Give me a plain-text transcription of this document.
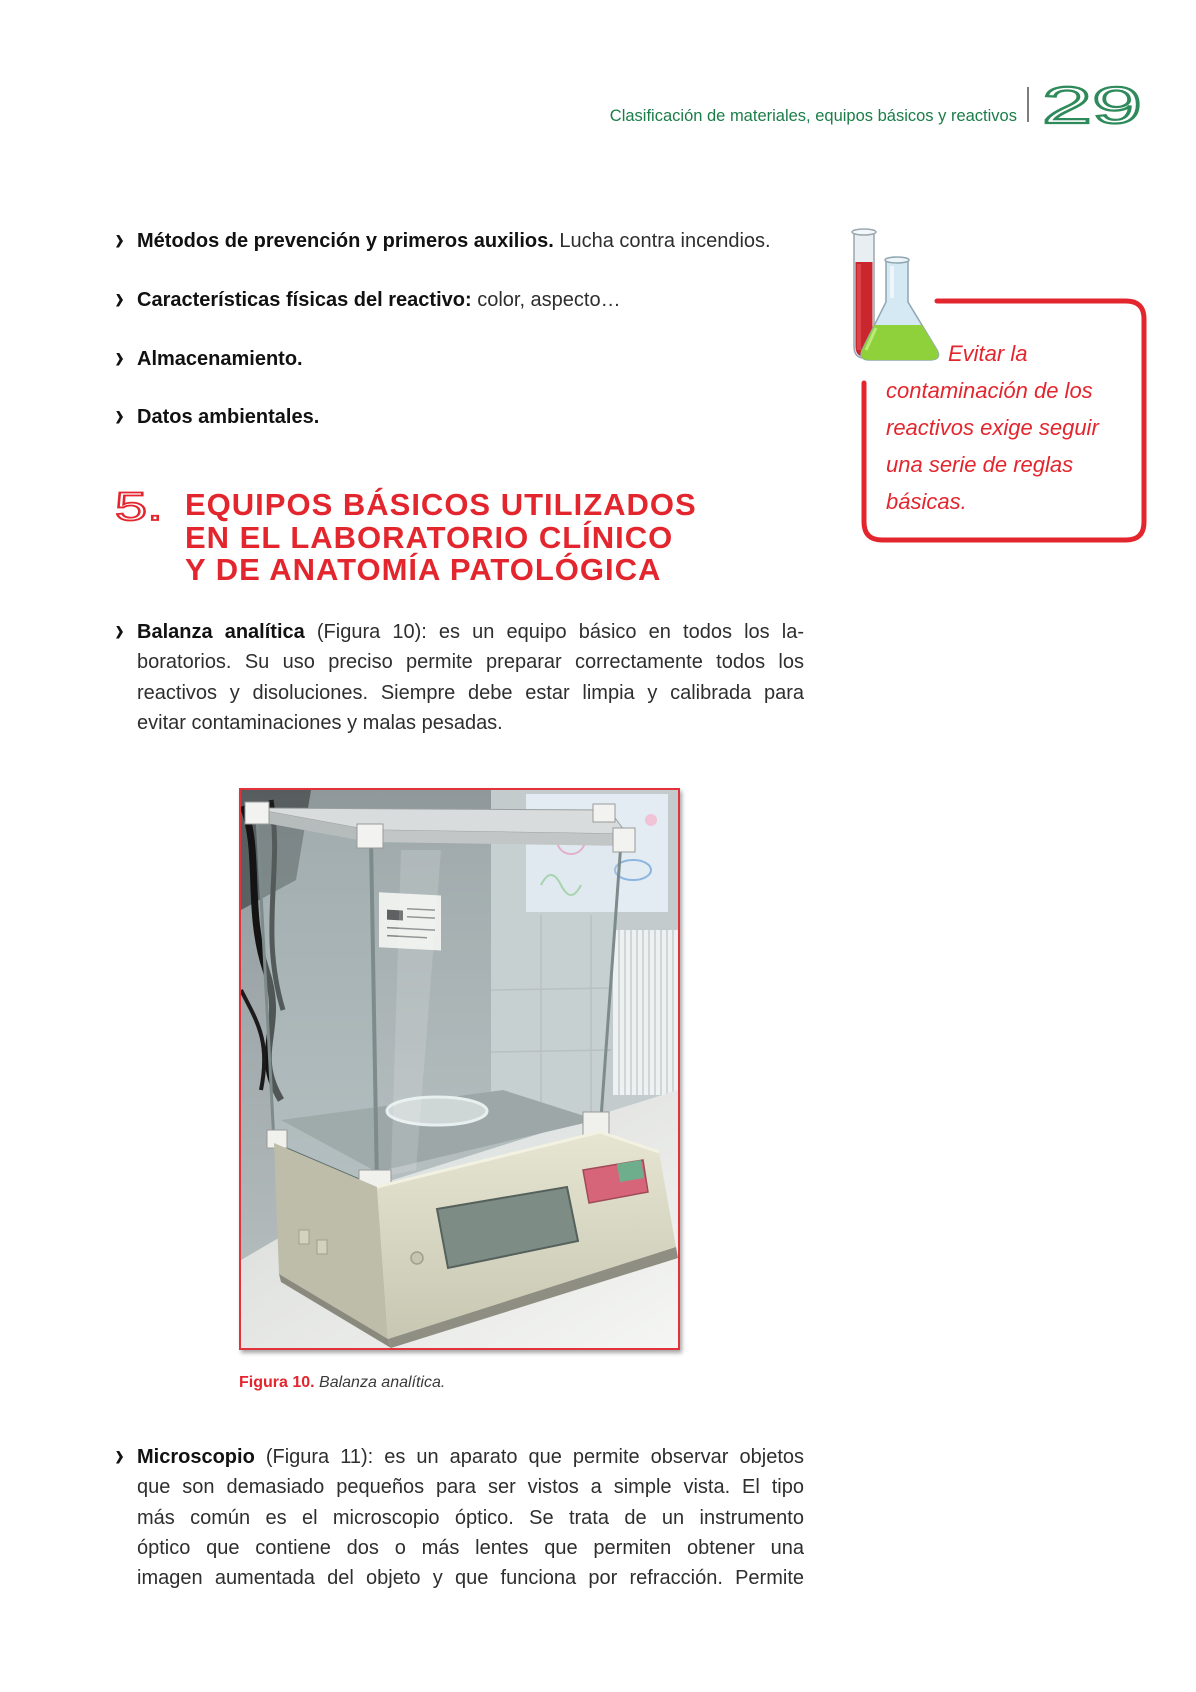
Clasificación de materiales, equipos básicos y reactivos 29
Métodos de prevención y primeros auxilios. Lucha contra incendios.
Características físicas del reactivo: color, aspecto…
Almacenamiento.
Datos ambientales.
5. EQUIPOS BÁSICOS UTILIZADOS
EN EL LABORATORIO CLÍNICO
Y DE ANATOMÍA PATOLÓGICA
Balanza analítica (Figura 10): es un equipo básico en todos los la-
boratorios. Su uso preciso permite preparar correctamente todos los
reactivos y disoluciones. Siempre debe estar limpia y calibrada para
evitar contaminaciones y malas pesadas.
Figura 10. Balanza analítica.
Microscopio (Figura 11): es un aparato que permite observar objetos
que son demasiado pequeños para ser vistos a simple vista. El tipo
más común es el microscopio óptico. Se trata de un instrumento
óptico que contiene dos o más lentes que permiten obtener una
imagen aumentada del objeto y que funciona por refracción. Permite
Evitar la
contaminación de los
reactivos exige seguir
una serie de reglas
básicas.
